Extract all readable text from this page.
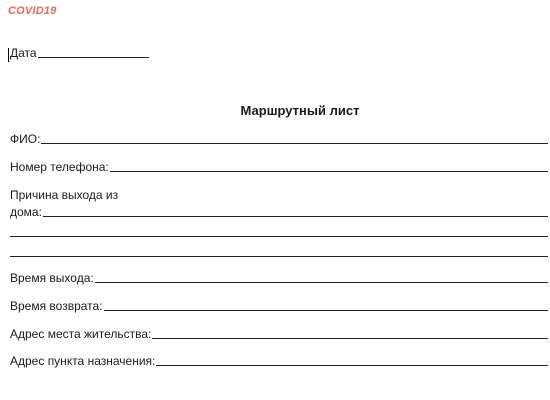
COVID19
Дата
Маршрутный лист
ФИО:
Номер телефона:
Причина выхода из
дома:
Время выхода:
Время возврата:
Адрес места жительства:
Адрес пункта назначения:
